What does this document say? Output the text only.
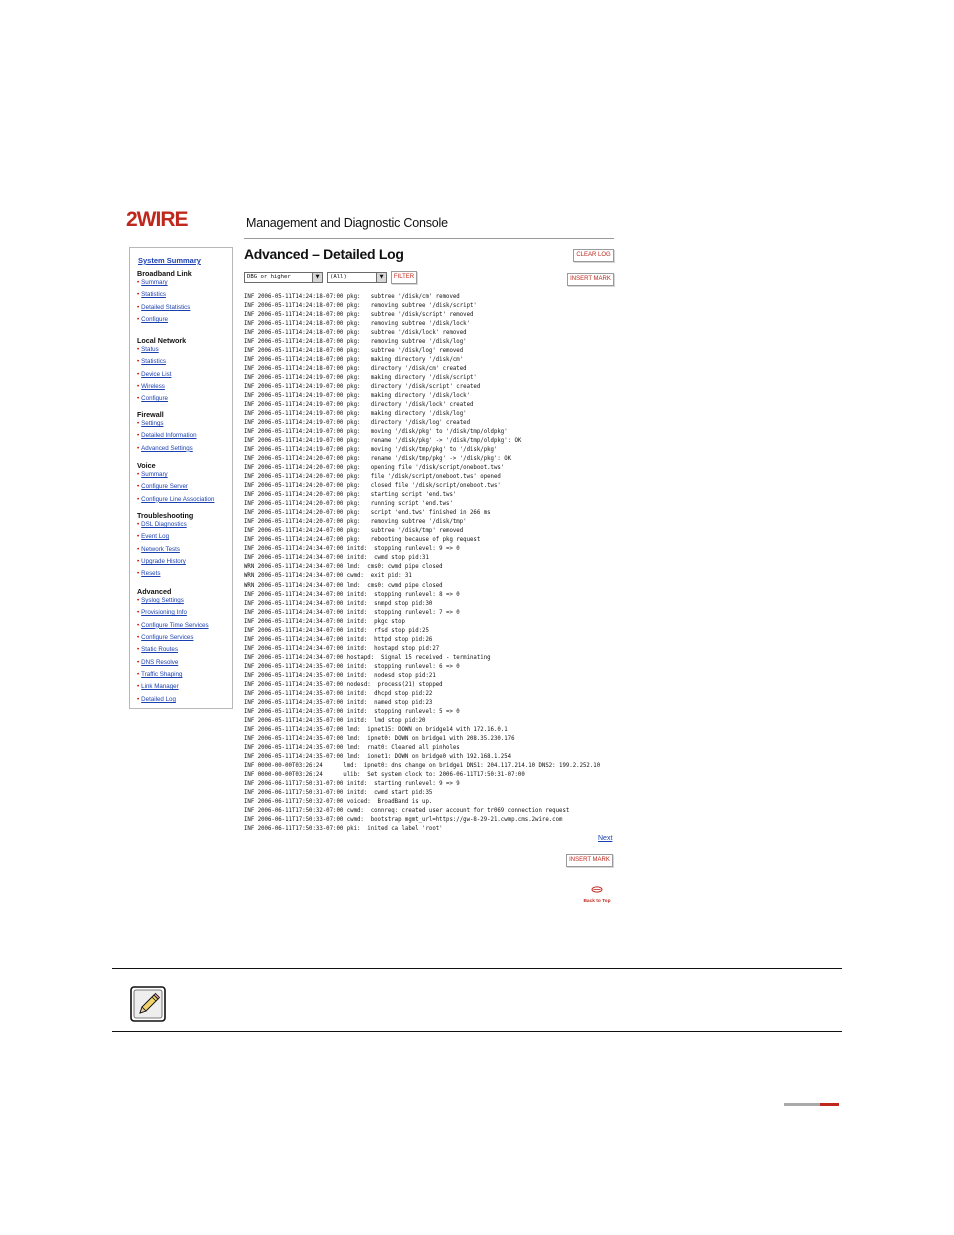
2WIRE	Management and Diagnostic Console
System Summary
Broadband Link
• Summary
• Statistics
• Detailed Statistics
• Configure
Local Network
• Status
• Statistics
• Device List
• Wireless
• Configure
Firewall
• Settings
• Detailed Information
• Advanced Settings
Voice
• Summary
• Configure Server
• Configure Line Association
Troubleshooting
• DSL Diagnostics
• Event Log
• Network Tests
• Upgrade History
• Resets
Advanced
• Syslog Settings
• Provisioning Info
• Configure Time Services
• Configure Services
• Static Routes
• DNS Resolve
• Traffic Shaping
• Link Manager
• Detailed Log
Advanced – Detailed Log	CLEAR LOG
INSERT MARK
DBG or higher	▼	(All)	▼	FILTER
INF 2006-05-11T14:24:18-07:00 pkg:   subtree '/disk/cm' removed
INF 2006-05-11T14:24:18-07:00 pkg:   removing subtree '/disk/script'
INF 2006-05-11T14:24:18-07:00 pkg:   subtree '/disk/script' removed
INF 2006-05-11T14:24:18-07:00 pkg:   removing subtree '/disk/lock'
INF 2006-05-11T14:24:18-07:00 pkg:   subtree '/disk/lock' removed
INF 2006-05-11T14:24:18-07:00 pkg:   removing subtree '/disk/log'
INF 2006-05-11T14:24:18-07:00 pkg:   subtree '/disk/log' removed
INF 2006-05-11T14:24:18-07:00 pkg:   making directory '/disk/cm'
INF 2006-05-11T14:24:18-07:00 pkg:   directory '/disk/cm' created
INF 2006-05-11T14:24:19-07:00 pkg:   making directory '/disk/script'
INF 2006-05-11T14:24:19-07:00 pkg:   directory '/disk/script' created
INF 2006-05-11T14:24:19-07:00 pkg:   making directory '/disk/lock'
INF 2006-05-11T14:24:19-07:00 pkg:   directory '/disk/lock' created
INF 2006-05-11T14:24:19-07:00 pkg:   making directory '/disk/log'
INF 2006-05-11T14:24:19-07:00 pkg:   directory '/disk/log' created
INF 2006-05-11T14:24:19-07:00 pkg:   moving '/disk/pkg' to '/disk/tmp/oldpkg'
INF 2006-05-11T14:24:19-07:00 pkg:   rename '/disk/pkg' -> '/disk/tmp/oldpkg': OK
INF 2006-05-11T14:24:19-07:00 pkg:   moving '/disk/tmp/pkg' to '/disk/pkg'
INF 2006-05-11T14:24:20-07:00 pkg:   rename '/disk/tmp/pkg' -> '/disk/pkg': OK
INF 2006-05-11T14:24:20-07:00 pkg:   opening file '/disk/script/oneboot.tws'
INF 2006-05-11T14:24:20-07:00 pkg:   file '/disk/script/oneboot.tws' opened
INF 2006-05-11T14:24:20-07:00 pkg:   closed file '/disk/script/oneboot.tws'
INF 2006-05-11T14:24:20-07:00 pkg:   starting script 'end.tws'
INF 2006-05-11T14:24:20-07:00 pkg:   running script 'end.tws'
INF 2006-05-11T14:24:20-07:00 pkg:   script 'end.tws' finished in 266 ms
INF 2006-05-11T14:24:20-07:00 pkg:   removing subtree '/disk/tmp'
INF 2006-05-11T14:24:24-07:00 pkg:   subtree '/disk/tmp' removed
INF 2006-05-11T14:24:24-07:00 pkg:   rebooting because of pkg request
INF 2006-05-11T14:24:34-07:00 initd:  stopping runlevel: 9 => 0
INF 2006-05-11T14:24:34-07:00 initd:  cwmd stop pid:31
WRN 2006-05-11T14:24:34-07:00 lmd:  cms0: cwmd pipe closed
WRN 2006-05-11T14:24:34-07:00 cwmd:  exit pid: 31
WRN 2006-05-11T14:24:34-07:00 lmd:  cms0: cwmd pipe closed
INF 2006-05-11T14:24:34-07:00 initd:  stopping runlevel: 8 => 0
INF 2006-05-11T14:24:34-07:00 initd:  snmpd stop pid:30
INF 2006-05-11T14:24:34-07:00 initd:  stopping runlevel: 7 => 0
INF 2006-05-11T14:24:34-07:00 initd:  pkgc stop
INF 2006-05-11T14:24:34-07:00 initd:  rfsd stop pid:25
INF 2006-05-11T14:24:34-07:00 initd:  httpd stop pid:26
INF 2006-05-11T14:24:34-07:00 initd:  hostapd stop pid:27
INF 2006-05-11T14:24:34-07:00 hostapd:  Signal 15 received - terminating
INF 2006-05-11T14:24:35-07:00 initd:  stopping runlevel: 6 => 0
INF 2006-05-11T14:24:35-07:00 initd:  nodesd stop pid:21
INF 2006-05-11T14:24:35-07:00 nodesd:  process(21) stopped
INF 2006-05-11T14:24:35-07:00 initd:  dhcpd stop pid:22
INF 2006-05-11T14:24:35-07:00 initd:  named stop pid:23
INF 2006-05-11T14:24:35-07:00 initd:  stopping runlevel: 5 => 0
INF 2006-05-11T14:24:35-07:00 initd:  lmd stop pid:20
INF 2006-05-11T14:24:35-07:00 lmd:  ipnet15: DOWN on bridge14 with 172.16.0.1
INF 2006-05-11T14:24:35-07:00 lmd:  ipnet0: DOWN on bridge1 with 208.35.230.176
INF 2006-05-11T14:24:35-07:00 lmd:  rnat0: Cleared all pinholes
INF 2006-05-11T14:24:35-07:00 lmd:  ionet1: DOWN on bridge0 with 192.168.1.254
INF 0000-00-00T03:26:24      lmd:  ipnet0: dns change on bridge1 DNS1: 204.117.214.10 DNS2: 199.2.252.10
INF 0000-00-00T03:26:24      ulib:  Set system clock to: 2006-06-11T17:50:31-07:00
INF 2006-06-11T17:50:31-07:00 initd:  starting runlevel: 9 => 9
INF 2006-06-11T17:50:31-07:00 initd:  cwmd start pid:35
INF 2006-06-11T17:50:32-07:00 voiced:  BroadBand is up.
INF 2006-06-11T17:50:32-07:00 cwmd:  connreq: created user account for tr069 connection request
INF 2006-06-11T17:50:33-07:00 cwmd:  bootstrap mgmt_url=https://gw-8-29-21.cwmp.cms.2wire.com
INF 2006-06-11T17:50:33-07:00 pki:  inited ca label 'root'
Next
INSERT MARK
Back to Top
